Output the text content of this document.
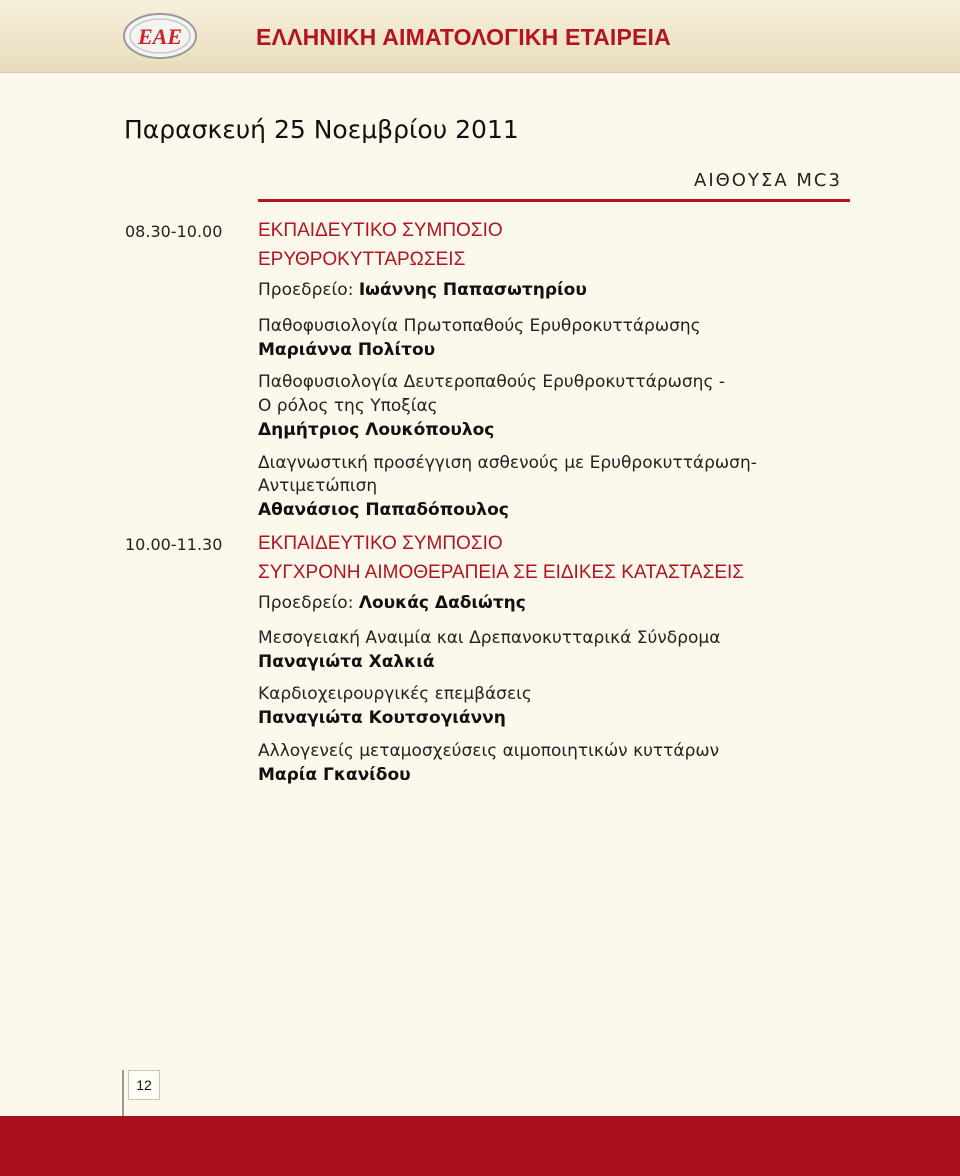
ΕΑΕ	ΕΛΛΗΝΙΚΗ ΑΙΜΑΤΟΛΟΓΙΚΗ ΕΤΑΙΡΕΙΑ
Παρασκευή 25 Νοεμβρίου 2011
ΑΙΘΟΥΣΑ MC3
08.30-10.00 ΕΚΠΑΙΔΕΥΤΙΚΟ ΣΥΜΠΟΣΙΟ
ΕΡΥΘΡΟΚΥΤΤΑΡΩΣΕΙΣ
Προεδρείο: Ιωάννης Παπασωτηρίου
Παθοφυσιολογία Πρωτοπαθούς Ερυθροκυττάρωσης
Μαριάννα Πολίτου
Παθοφυσιολογία Δευτεροπαθούς Ερυθροκυττάρωσης -
Ο ρόλος της Υποξίας
Δημήτριος Λουκόπουλος
Διαγνωστική προσέγγιση ασθενούς με Ερυθροκυττάρωση-
Αντιμετώπιση
Αθανάσιος Παπαδόπουλος
10.00-11.30 ΕΚΠΑΙΔΕΥΤΙΚΟ ΣΥΜΠΟΣΙΟ
ΣΥΓΧΡΟΝΗ ΑΙΜΟΘΕΡΑΠΕΙΑ ΣΕ ΕΙΔΙΚΕΣ ΚΑΤΑΣΤΑΣΕΙΣ
Προεδρείο: Λουκάς Δαδιώτης
Μεσογειακή Αναιμία και Δρεπανοκυτταρικά Σύνδρομα
Παναγιώτα Χαλκιά
Καρδιοχειρουργικές επεμβάσεις
Παναγιώτα Κουτσογιάννη
Αλλογενείς μεταμοσχεύσεις αιμοποιητικών κυττάρων
Μαρία Γκανίδου
12
